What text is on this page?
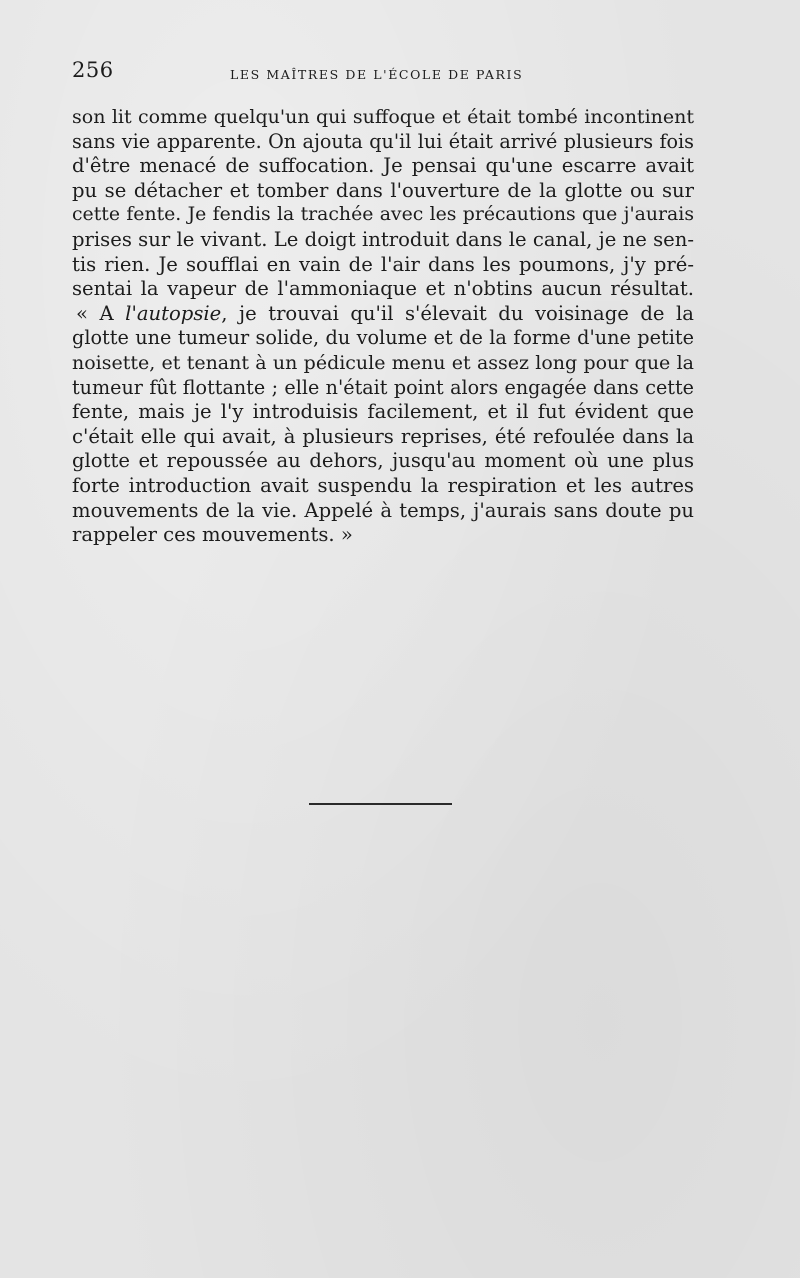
256	LES MAÎTRES DE L'ÉCOLE DE PARIS
son lit comme quelqu'un qui suffoque et était tombé incontinent
sans vie apparente. On ajouta qu'il lui était arrivé plusieurs fois
d'être menacé de suffocation. Je pensai qu'une escarre avait
pu se détacher et tomber dans l'ouverture de la glotte ou sur
cette fente. Je fendis la trachée avec les précautions que j'aurais
prises sur le vivant. Le doigt introduit dans le canal, je ne sen-
tis rien. Je soufflai en vain de l'air dans les poumons, j'y pré-
sentai la vapeur de l'ammoniaque et n'obtins aucun résultat.
« A l'autopsie, je trouvai qu'il s'élevait du voisinage de la
glotte une tumeur solide, du volume et de la forme d'une petite
noisette, et tenant à un pédicule menu et assez long pour que la
tumeur fût flottante ; elle n'était point alors engagée dans cette
fente, mais je l'y introduisis facilement, et il fut évident que
c'était elle qui avait, à plusieurs reprises, été refoulée dans la
glotte et repoussée au dehors, jusqu'au moment où une plus
forte introduction avait suspendu la respiration et les autres
mouvements de la vie. Appelé à temps, j'aurais sans doute pu
rappeler ces mouvements. »
